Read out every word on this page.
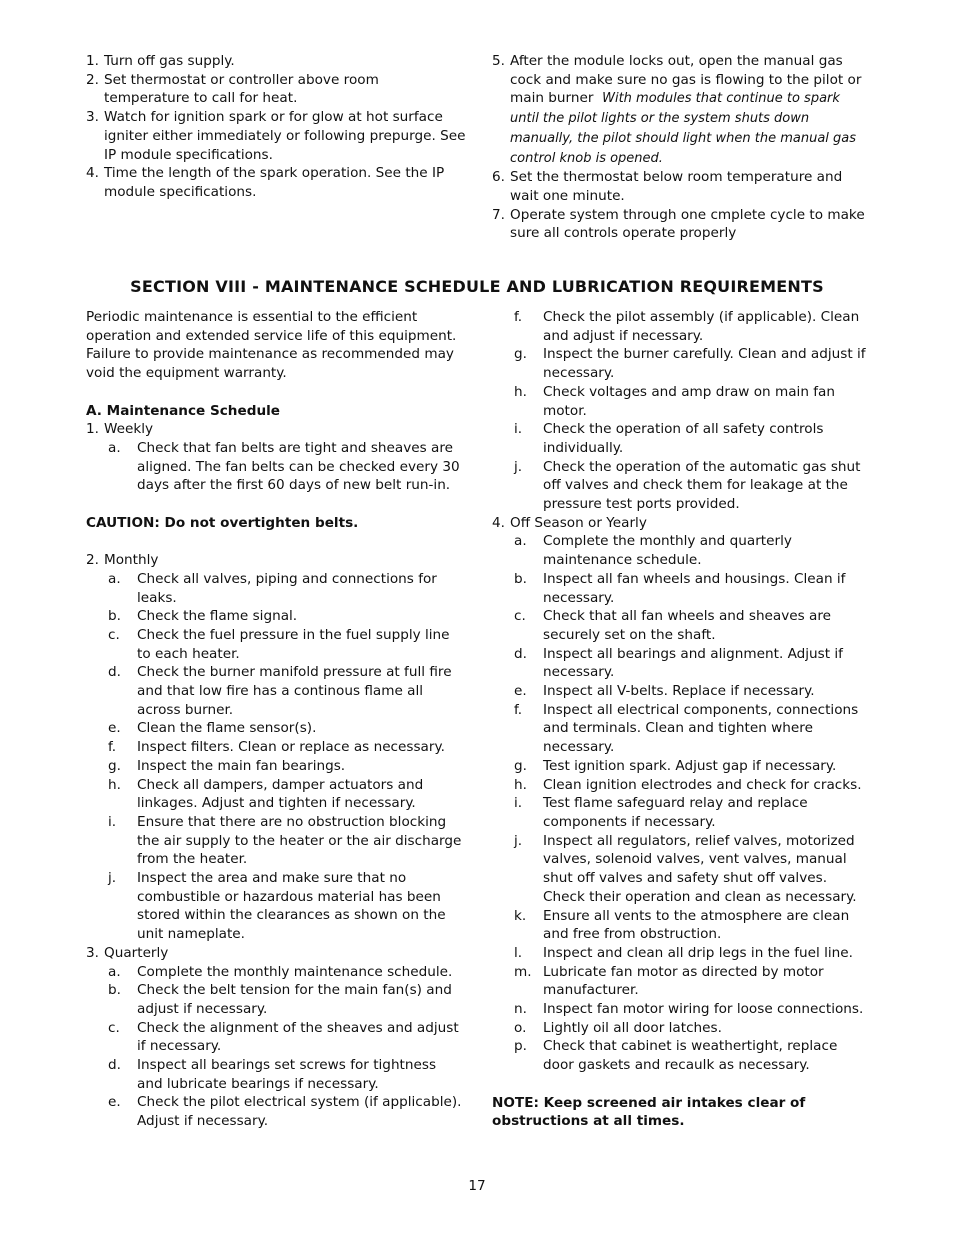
1. Turn off gas supply.
2. Set thermostat or controller above room temperature to call for heat.
3. Watch for ignition spark or for glow at hot surface igniter either immediately or following prepurge. See IP module specifications.
4. Time the length of the spark operation. See the IP module specifications.
5. After the module locks out, open the manual gas cock and make sure no gas is flowing to the pilot or main burner With modules that continue to spark until the pilot lights or the system shuts down manually, the pilot should light when the manual gas control knob is opened.
6. Set the thermostat below room temperature and wait one minute.
7. Operate system through one cmplete cycle to make sure all controls operate properly
SECTION VIII - MAINTENANCE SCHEDULE AND LUBRICATION REQUIREMENTS
Periodic maintenance is essential to the efficient operation and extended service life of this equipment. Failure to provide maintenance as recommended may void the equipment warranty.
A. Maintenance Schedule
1. Weekly
a. Check that fan belts are tight and sheaves are aligned. The fan belts can be checked every 30 days after the first 60 days of new belt run-in.
CAUTION: Do not overtighten belts.
2. Monthly
a. Check all valves, piping and connections for leaks.
b. Check the flame signal.
c. Check the fuel pressure in the fuel supply line to each heater.
d. Check the burner manifold pressure at full fire and that low fire has a continous flame all across burner.
e. Clean the flame sensor(s).
f. Inspect filters. Clean or replace as necessary.
g. Inspect the main fan bearings.
h. Check all dampers, damper actuators and linkages. Adjust and tighten if necessary.
i. Ensure that there are no obstruction blocking the air supply to the heater or the air discharge from the heater.
j. Inspect the area and make sure that no combustible or hazardous material has been stored within the clearances as shown on the unit nameplate.
3. Quarterly
a. Complete the monthly maintenance schedule.
b. Check the belt tension for the main fan(s) and adjust if necessary.
c. Check the alignment of the sheaves and adjust if necessary.
d. Inspect all bearings set screws for tightness and lubricate bearings if necessary.
e. Check the pilot electrical system (if applicable). Adjust if necessary.
f. Check the pilot assembly (if applicable). Clean and adjust if necessary.
g. Inspect the burner carefully. Clean and adjust if necessary.
h. Check voltages and amp draw on main fan motor.
i. Check the operation of all safety controls individually.
j. Check the operation of the automatic gas shut off valves and check them for leakage at the pressure test ports provided.
4. Off Season or Yearly
a. Complete the monthly and quarterly maintenance schedule.
b. Inspect all fan wheels and housings. Clean if necessary.
c. Check that all fan wheels and sheaves are securely set on the shaft.
d. Inspect all bearings and alignment. Adjust if necessary.
e. Inspect all V-belts. Replace if necessary.
f. Inspect all electrical components, connections and terminals. Clean and tighten where necessary.
g. Test ignition spark. Adjust gap if necessary.
h. Clean ignition electrodes and check for cracks.
i. Test flame safeguard relay and replace components if necessary.
j. Inspect all regulators, relief valves, motorized valves, solenoid valves, vent valves, manual shut off valves and safety shut off valves. Check their operation and clean as necessary.
k. Ensure all vents to the atmosphere are clean and free from obstruction.
l. Inspect and clean all drip legs in the fuel line.
m. Lubricate fan motor as directed by motor manufacturer.
n. Inspect fan motor wiring for loose connections.
o. Lightly oil all door latches.
p. Check that cabinet is weathertight, replace door gaskets and recaulk as necessary.
NOTE: Keep screened air intakes clear of obstructions at all times.
17
